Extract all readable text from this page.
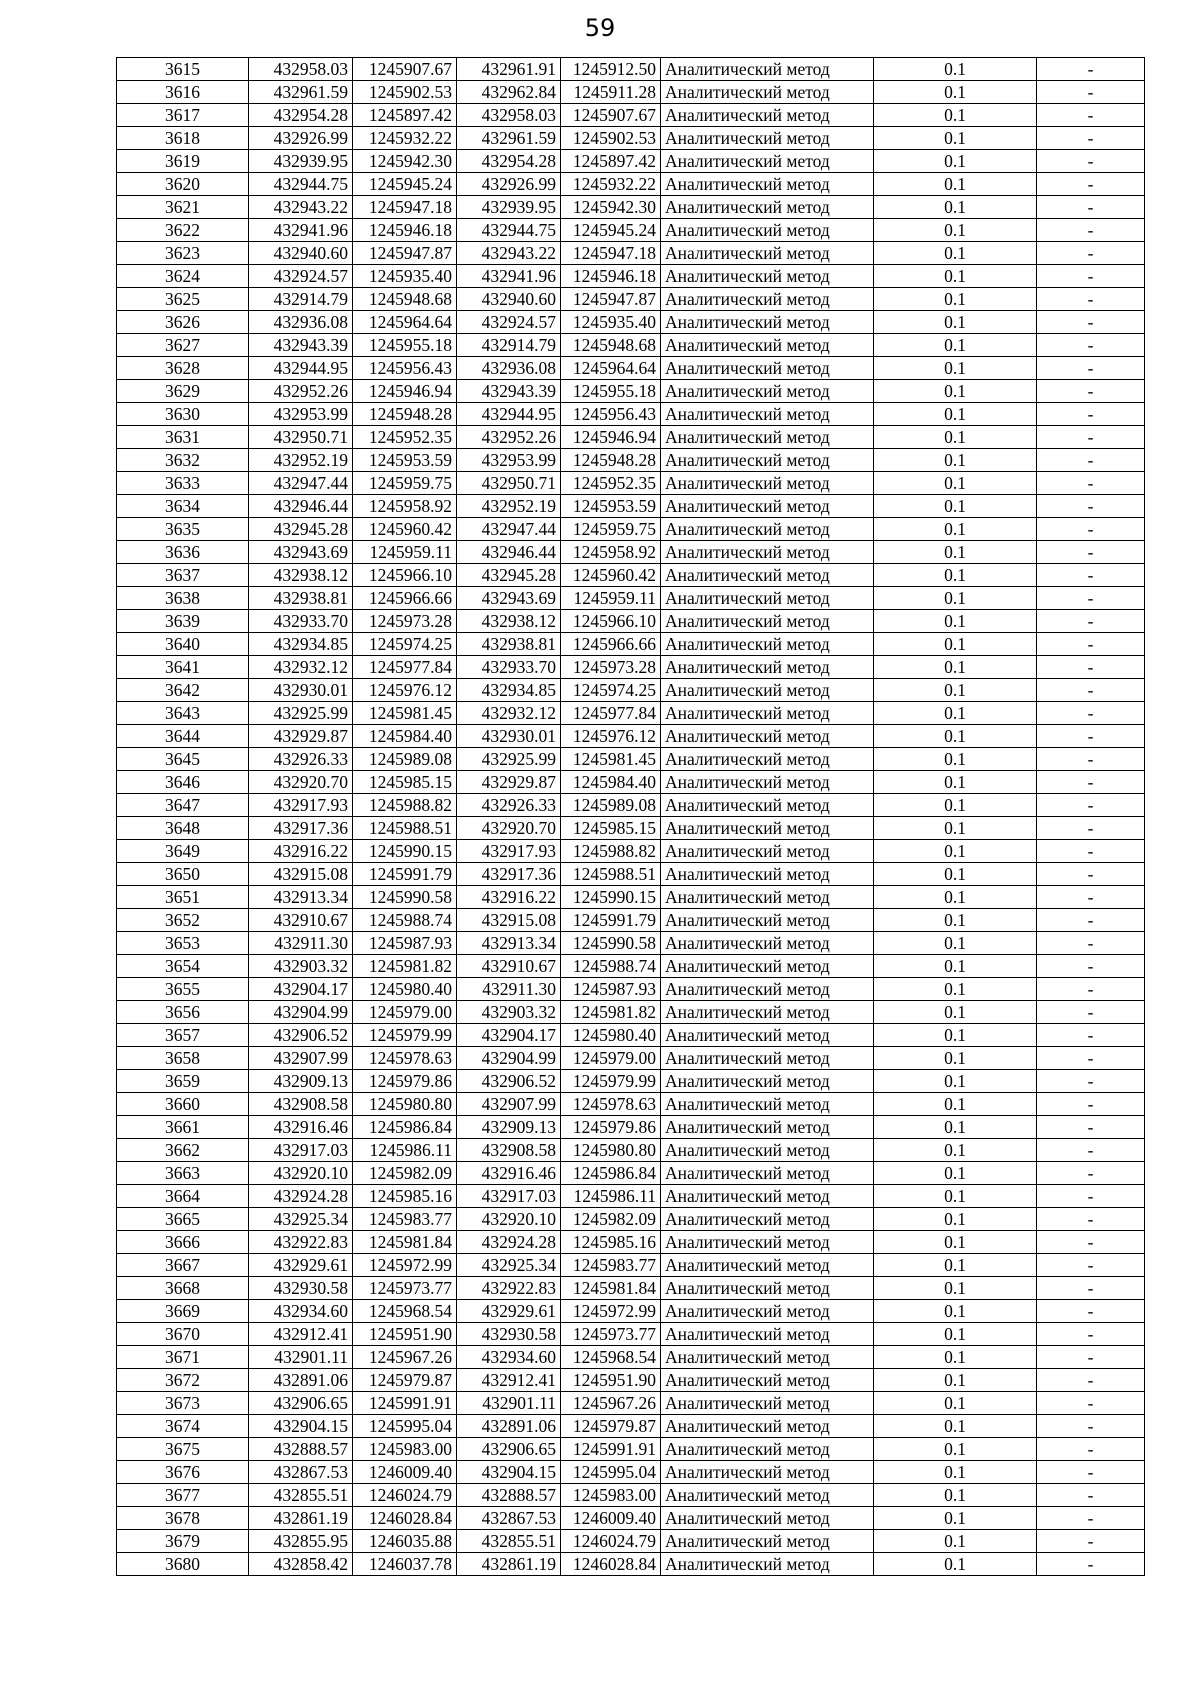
59
3615	432958.03	1245907.67	432961.91	1245912.50	Аналитический метод	0.1	-
3616	432961.59	1245902.53	432962.84	1245911.28	Аналитический метод	0.1	-
3617	432954.28	1245897.42	432958.03	1245907.67	Аналитический метод	0.1	-
3618	432926.99	1245932.22	432961.59	1245902.53	Аналитический метод	0.1	-
3619	432939.95	1245942.30	432954.28	1245897.42	Аналитический метод	0.1	-
3620	432944.75	1245945.24	432926.99	1245932.22	Аналитический метод	0.1	-
3621	432943.22	1245947.18	432939.95	1245942.30	Аналитический метод	0.1	-
3622	432941.96	1245946.18	432944.75	1245945.24	Аналитический метод	0.1	-
3623	432940.60	1245947.87	432943.22	1245947.18	Аналитический метод	0.1	-
3624	432924.57	1245935.40	432941.96	1245946.18	Аналитический метод	0.1	-
3625	432914.79	1245948.68	432940.60	1245947.87	Аналитический метод	0.1	-
3626	432936.08	1245964.64	432924.57	1245935.40	Аналитический метод	0.1	-
3627	432943.39	1245955.18	432914.79	1245948.68	Аналитический метод	0.1	-
3628	432944.95	1245956.43	432936.08	1245964.64	Аналитический метод	0.1	-
3629	432952.26	1245946.94	432943.39	1245955.18	Аналитический метод	0.1	-
3630	432953.99	1245948.28	432944.95	1245956.43	Аналитический метод	0.1	-
3631	432950.71	1245952.35	432952.26	1245946.94	Аналитический метод	0.1	-
3632	432952.19	1245953.59	432953.99	1245948.28	Аналитический метод	0.1	-
3633	432947.44	1245959.75	432950.71	1245952.35	Аналитический метод	0.1	-
3634	432946.44	1245958.92	432952.19	1245953.59	Аналитический метод	0.1	-
3635	432945.28	1245960.42	432947.44	1245959.75	Аналитический метод	0.1	-
3636	432943.69	1245959.11	432946.44	1245958.92	Аналитический метод	0.1	-
3637	432938.12	1245966.10	432945.28	1245960.42	Аналитический метод	0.1	-
3638	432938.81	1245966.66	432943.69	1245959.11	Аналитический метод	0.1	-
3639	432933.70	1245973.28	432938.12	1245966.10	Аналитический метод	0.1	-
3640	432934.85	1245974.25	432938.81	1245966.66	Аналитический метод	0.1	-
3641	432932.12	1245977.84	432933.70	1245973.28	Аналитический метод	0.1	-
3642	432930.01	1245976.12	432934.85	1245974.25	Аналитический метод	0.1	-
3643	432925.99	1245981.45	432932.12	1245977.84	Аналитический метод	0.1	-
3644	432929.87	1245984.40	432930.01	1245976.12	Аналитический метод	0.1	-
3645	432926.33	1245989.08	432925.99	1245981.45	Аналитический метод	0.1	-
3646	432920.70	1245985.15	432929.87	1245984.40	Аналитический метод	0.1	-
3647	432917.93	1245988.82	432926.33	1245989.08	Аналитический метод	0.1	-
3648	432917.36	1245988.51	432920.70	1245985.15	Аналитический метод	0.1	-
3649	432916.22	1245990.15	432917.93	1245988.82	Аналитический метод	0.1	-
3650	432915.08	1245991.79	432917.36	1245988.51	Аналитический метод	0.1	-
3651	432913.34	1245990.58	432916.22	1245990.15	Аналитический метод	0.1	-
3652	432910.67	1245988.74	432915.08	1245991.79	Аналитический метод	0.1	-
3653	432911.30	1245987.93	432913.34	1245990.58	Аналитический метод	0.1	-
3654	432903.32	1245981.82	432910.67	1245988.74	Аналитический метод	0.1	-
3655	432904.17	1245980.40	432911.30	1245987.93	Аналитический метод	0.1	-
3656	432904.99	1245979.00	432903.32	1245981.82	Аналитический метод	0.1	-
3657	432906.52	1245979.99	432904.17	1245980.40	Аналитический метод	0.1	-
3658	432907.99	1245978.63	432904.99	1245979.00	Аналитический метод	0.1	-
3659	432909.13	1245979.86	432906.52	1245979.99	Аналитический метод	0.1	-
3660	432908.58	1245980.80	432907.99	1245978.63	Аналитический метод	0.1	-
3661	432916.46	1245986.84	432909.13	1245979.86	Аналитический метод	0.1	-
3662	432917.03	1245986.11	432908.58	1245980.80	Аналитический метод	0.1	-
3663	432920.10	1245982.09	432916.46	1245986.84	Аналитический метод	0.1	-
3664	432924.28	1245985.16	432917.03	1245986.11	Аналитический метод	0.1	-
3665	432925.34	1245983.77	432920.10	1245982.09	Аналитический метод	0.1	-
3666	432922.83	1245981.84	432924.28	1245985.16	Аналитический метод	0.1	-
3667	432929.61	1245972.99	432925.34	1245983.77	Аналитический метод	0.1	-
3668	432930.58	1245973.77	432922.83	1245981.84	Аналитический метод	0.1	-
3669	432934.60	1245968.54	432929.61	1245972.99	Аналитический метод	0.1	-
3670	432912.41	1245951.90	432930.58	1245973.77	Аналитический метод	0.1	-
3671	432901.11	1245967.26	432934.60	1245968.54	Аналитический метод	0.1	-
3672	432891.06	1245979.87	432912.41	1245951.90	Аналитический метод	0.1	-
3673	432906.65	1245991.91	432901.11	1245967.26	Аналитический метод	0.1	-
3674	432904.15	1245995.04	432891.06	1245979.87	Аналитический метод	0.1	-
3675	432888.57	1245983.00	432906.65	1245991.91	Аналитический метод	0.1	-
3676	432867.53	1246009.40	432904.15	1245995.04	Аналитический метод	0.1	-
3677	432855.51	1246024.79	432888.57	1245983.00	Аналитический метод	0.1	-
3678	432861.19	1246028.84	432867.53	1246009.40	Аналитический метод	0.1	-
3679	432855.95	1246035.88	432855.51	1246024.79	Аналитический метод	0.1	-
3680	432858.42	1246037.78	432861.19	1246028.84	Аналитический метод	0.1	-
